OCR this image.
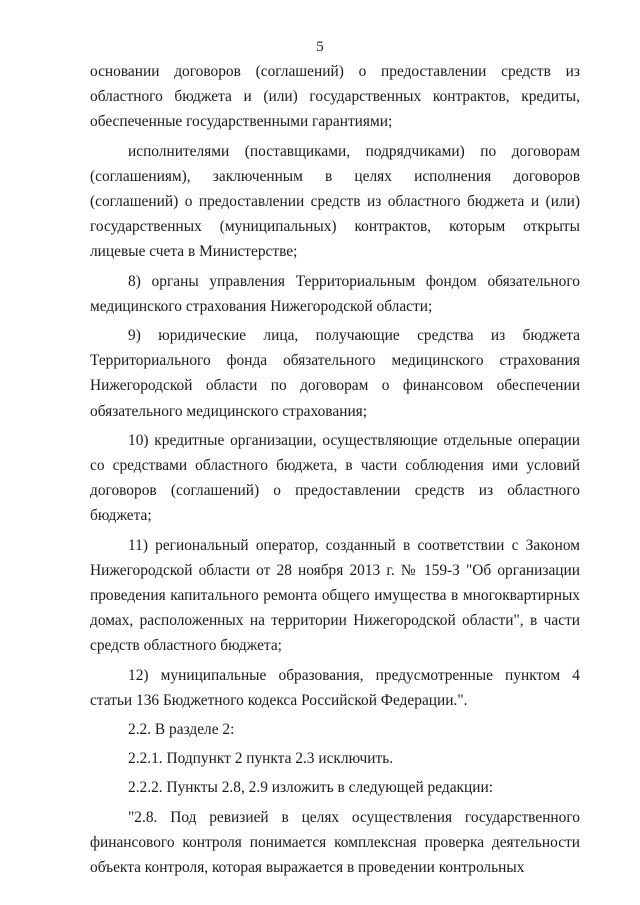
5

основании договоров (соглашений) о предоставлении средств из областного бюджета и (или) государственных контрактов, кредиты, обеспеченные государственными гарантиями;

исполнителями (поставщиками, подрядчиками) по договорам (соглашениям), заключенным в целях исполнения договоров (соглашений) о предоставлении средств из областного бюджета и (или) государственных (муниципальных) контрактов, которым открыты лицевые счета в Министерстве;

8) органы управления Территориальным фондом обязательного медицинского страхования Нижегородской области;

9) юридические лица, получающие средства из бюджета Территориального фонда обязательного медицинского страхования Нижегородской области по договорам о финансовом обеспечении обязательного медицинского страхования;

10) кредитные организации, осуществляющие отдельные операции со средствами областного бюджета, в части соблюдения ими условий договоров (соглашений) о предоставлении средств из областного бюджета;

11) региональный оператор, созданный в соответствии с Законом Нижегородской области от 28 ноября 2013 г. № 159-З "Об организации проведения капитального ремонта общего имущества в многоквартирных домах, расположенных на территории Нижегородской области", в части средств областного бюджета;

12) муниципальные образования, предусмотренные пунктом 4 статьи 136 Бюджетного кодекса Российской Федерации.".

2.2. В разделе 2:

2.2.1. Подпункт 2 пункта 2.3 исключить.

2.2.2. Пункты 2.8, 2.9 изложить в следующей редакции:

"2.8. Под ревизией в целях осуществления государственного финансового контроля понимается комплексная проверка деятельности объекта контроля, которая выражается в проведении контрольных
